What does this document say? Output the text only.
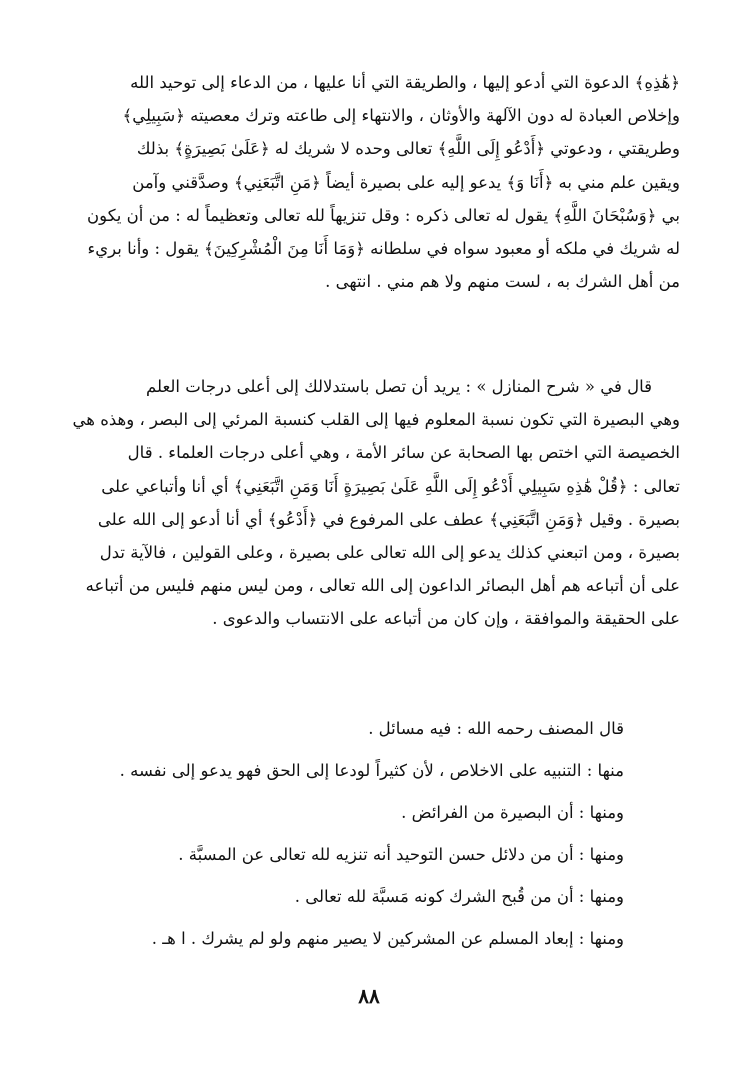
﴿هَٰذِهِ﴾ الدعوة التي أدعو إليها ، والطريقة التي أنا عليها ، من الدعاء إلى توحيد الله
وإخلاص العبادة له دون الآلهة والأوثان ، والانتهاء إلى طاعته وترك معصيته ﴿سَبِيلِي﴾
وطريقتي ، ودعوتي ﴿أَدْعُو إِلَى اللَّهِ﴾ تعالى وحده لا شريك له ﴿عَلَىٰ بَصِيرَةٍ﴾ بذلك
ويقين علم مني به ﴿أَنَا وَ﴾ يدعو إليه على بصيرة أيضاً ﴿مَنِ اتَّبَعَنِي﴾ وصدَّقني وآمن
بي ﴿وَسُبْحَانَ اللَّهِ﴾ يقول له تعالى ذكره : وقل تنزيهاً لله تعالى وتعظيماً له : من أن يكون
له شريك في ملكه أو معبود سواه في سلطانه ﴿وَمَا أَنَا مِنَ الْمُشْرِكِينَ﴾ يقول : وأنا بريء
من أهل الشرك به ، لست منهم ولا هم مني . انتهى .
قال في « شرح المنازل » : يريد أن تصل باستدلالك إلى أعلى درجات العلم
وهي البصيرة التي تكون نسبة المعلوم فيها إلى القلب كنسبة المرئي إلى البصر ، وهذه هي
الخصيصة التي اختص بها الصحابة عن سائر الأمة ، وهي أعلى درجات العلماء . قال
تعالى : ﴿قُلْ هَٰذِهِ سَبِيلِي أَدْعُو إِلَى اللَّهِ عَلَىٰ بَصِيرَةٍ أَنَا وَمَنِ اتَّبَعَنِي﴾ أي أنا وأتباعي على
بصيرة . وقيل ﴿وَمَنِ اتَّبَعَنِي﴾ عطف على المرفوع في ﴿أَدْعُو﴾ أي أنا أدعو إلى الله على
بصيرة ، ومن اتبعني كذلك يدعو إلى الله تعالى على بصيرة ، وعلى القولين ، فالآية تدل
على أن أتباعه هم أهل البصائر الداعون إلى الله تعالى ، ومن ليس منهم فليس من أتباعه
على الحقيقة والموافقة ، وإن كان من أتباعه على الانتساب والدعوى .
قال المصنف رحمه الله : فيه مسائل .
منها : التنبيه على الاخلاص ، لأن كثيراً لودعا إلى الحق فهو يدعو إلى نفسه .
ومنها : أن البصيرة من الفرائض .
ومنها : أن من دلائل حسن التوحيد أنه تنزيه لله تعالى عن المسبَّة .
ومنها : أن من قُبح الشرك كونه مَسبَّة لله تعالى .
ومنها : إبعاد المسلم عن المشركين لا يصير منهم ولو لم يشرك . ا هـ .
٨٨
